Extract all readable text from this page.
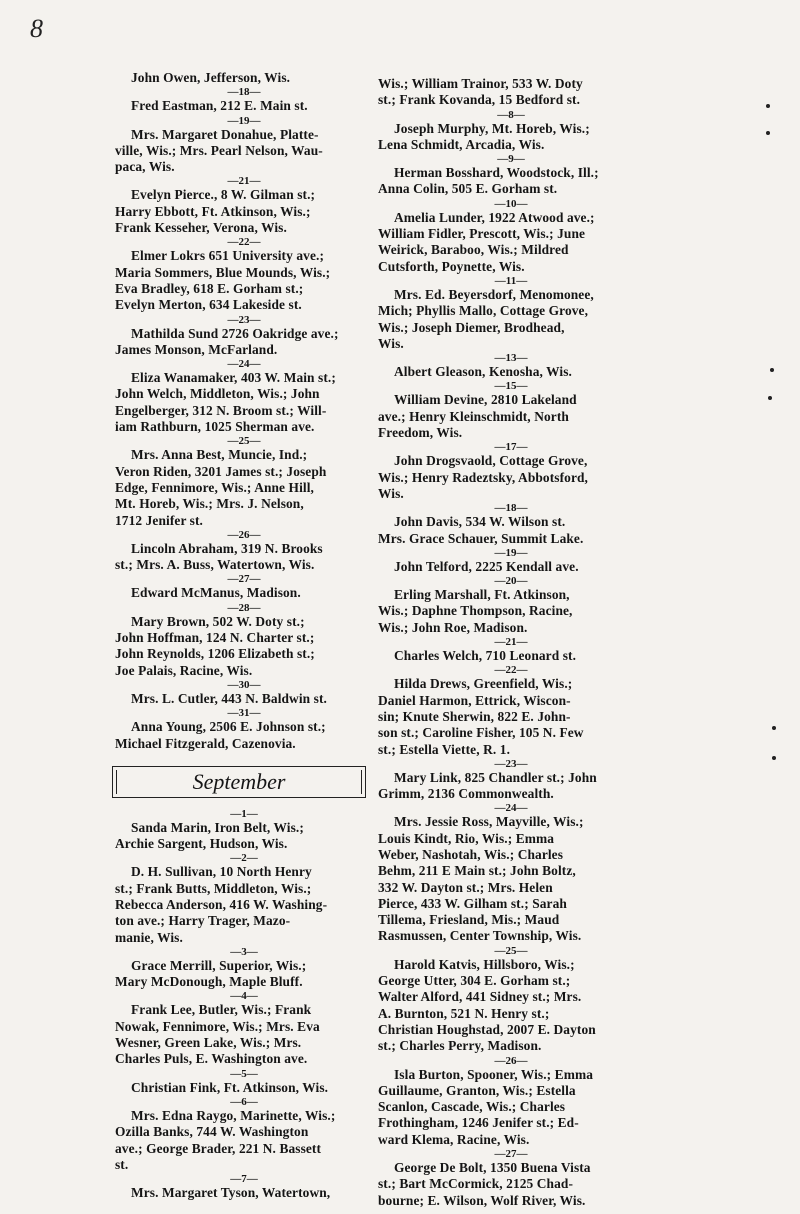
8

John Owen, Jefferson, Wis.

—18—

Fred Eastman, 212 E. Main st.

—19—

Mrs. Margaret Donahue, Platte-
ville, Wis.; Mrs. Pearl Nelson, Wau-
paca, Wis.

—21—

Evelyn Pierce., 8 W. Gilman st.;
Harry Ebbott, Ft. Atkinson, Wis.;
Frank Kesseher, Verona, Wis.

—22—

Elmer Lokrs 651 University ave.;
Maria Sommers, Blue Mounds, Wis.;
Eva Bradley, 618 E. Gorham st.;
Evelyn Merton, 634 Lakeside st.

—23—

Mathilda Sund 2726 Oakridge ave.;
James Monson, McFarland.

—24—

Eliza Wanamaker, 403 W. Main st.;
John Welch, Middleton, Wis.; John
Engelberger, 312 N. Broom st.; Will-
iam Rathburn, 1025 Sherman ave.

—25—

Mrs. Anna Best, Muncie, Ind.;
Veron Riden, 3201 James st.; Joseph
Edge, Fennimore, Wis.; Anne Hill,
Mt. Horeb, Wis.; Mrs. J. Nelson,
1712 Jenifer st.

—26—

Lincoln Abraham, 319 N. Brooks
st.; Mrs. A. Buss, Watertown, Wis.

—27—

Edward McManus, Madison.

—28—

Mary Brown, 502 W. Doty st.;
John Hoffman, 124 N. Charter st.;
John Reynolds, 1206 Elizabeth st.;
Joe Palais, Racine, Wis.

—30—

Mrs. L. Cutler, 443 N. Baldwin st.

—31—

Anna Young, 2506 E. Johnson st.;
Michael Fitzgerald, Cazenovia.

September

—1—

Sanda Marin, Iron Belt, Wis.;
Archie Sargent, Hudson, Wis.

—2—

D. H. Sullivan, 10 North Henry
st.; Frank Butts, Middleton, Wis.;
Rebecca Anderson, 416 W. Washing-
ton ave.; Harry Trager, Mazo-
manie, Wis.

—3—

Grace Merrill, Superior, Wis.;
Mary McDonough, Maple Bluff.

—4—

Frank Lee, Butler, Wis.; Frank
Nowak, Fennimore, Wis.; Mrs. Eva
Wesner, Green Lake, Wis.; Mrs.
Charles Puls, E. Washington ave.

—5—

Christian Fink, Ft. Atkinson, Wis.

—6—

Mrs. Edna Raygo, Marinette, Wis.;
Ozilla Banks, 744 W. Washington
ave.; George Brader, 221 N. Bassett
st.

—7—

Mrs. Margaret Tyson, Watertown,

Wis.; William Trainor, 533 W. Doty
st.; Frank Kovanda, 15 Bedford st.

—8—

Joseph Murphy, Mt. Horeb, Wis.;
Lena Schmidt, Arcadia, Wis.

—9—

Herman Bosshard, Woodstock, Ill.;
Anna Colin, 505 E. Gorham st.

—10—

Amelia Lunder, 1922 Atwood ave.;
William Fidler, Prescott, Wis.; June
Weirick, Baraboo, Wis.; Mildred
Cutsforth, Poynette, Wis.

—11—

Mrs. Ed. Beyersdorf, Menomonee,
Mich; Phyllis Mallo, Cottage Grove,
Wis.; Joseph Diemer, Brodhead,
Wis.

—13—

Albert Gleason, Kenosha, Wis.

—15—

William Devine, 2810 Lakeland
ave.; Henry Kleinschmidt, North
Freedom, Wis.

—17—

John Drogsvaold, Cottage Grove,
Wis.; Henry Radeztsky, Abbotsford,
Wis.

—18—

John Davis, 534 W. Wilson st.
Mrs. Grace Schauer, Summit Lake.

—19—

John Telford, 2225 Kendall ave.

—20—

Erling Marshall, Ft. Atkinson,
Wis.; Daphne Thompson, Racine,
Wis.; John Roe, Madison.

—21—

Charles Welch, 710 Leonard st.

—22—

Hilda Drews, Greenfield, Wis.;
Daniel Harmon, Ettrick, Wiscon-
sin; Knute Sherwin, 822 E. John-
son st.; Caroline Fisher, 105 N. Few
st.; Estella Viette, R. 1.

—23—

Mary Link, 825 Chandler st.; John
Grimm, 2136 Commonwealth.

—24—

Mrs. Jessie Ross, Mayville, Wis.;
Louis Kindt, Rio, Wis.; Emma
Weber, Nashotah, Wis.; Charles
Behm, 211 E Main st.; John Boltz,
332 W. Dayton st.; Mrs. Helen
Pierce, 433 W. Gilham st.; Sarah
Tillema, Friesland, Mis.; Maud
Rasmussen, Center Township, Wis.

—25—

Harold Katvis, Hillsboro, Wis.;
George Utter, 304 E. Gorham st.;
Walter Alford, 441 Sidney st.; Mrs.
A. Burnton, 521 N. Henry st.;
Christian Houghstad, 2007 E. Dayton
st.; Charles Perry, Madison.

—26—

Isla Burton, Spooner, Wis.; Emma
Guillaume, Granton, Wis.; Estella
Scanlon, Cascade, Wis.; Charles
Frothingham, 1246 Jenifer st.; Ed-
ward Klema, Racine, Wis.

—27—

George De Bolt, 1350 Buena Vista
st.; Bart McCormick, 2125 Chad-
bourne; E. Wilson, Wolf River, Wis.
